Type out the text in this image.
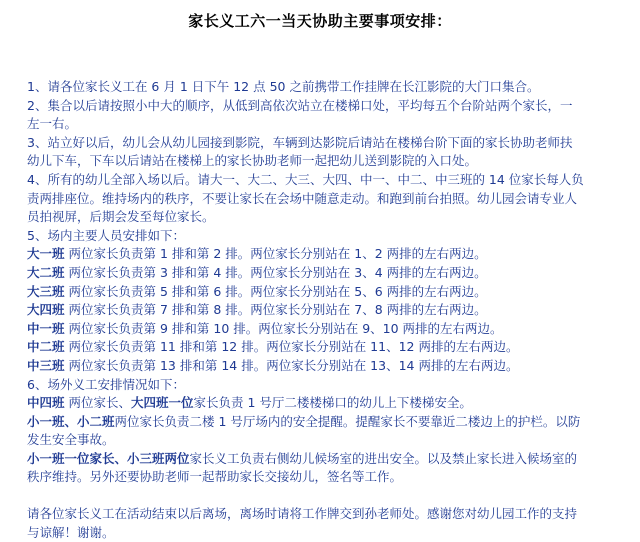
家长义工六一当天协助主要事项安排：
1、请各位家长义工在 6 月 1 日下午 12 点 50 之前携带工作挂牌在长江影院的大门口集合。
2、集合以后请按照小中大的顺序，从低到高依次站立在楼梯口处，平均每五个台阶站两个家长，一
左一右。
3、站立好以后，幼儿会从幼儿园接到影院，车辆到达影院后请站在楼梯台阶下面的家长协助老师扶
幼儿下车，下车以后请站在楼梯上的家长协助老师一起把幼儿送到影院的入口处。
4、所有的幼儿全部入场以后。请大一、大二、大三、大四、中一、中二、中三班的 14 位家长每人负
责两排座位。维持场内的秩序，不要让家长在会场中随意走动。和跑到前台拍照。幼儿园会请专业人
员拍视屏，后期会发至每位家长。
5、场内主要人员安排如下：
大一班 两位家长负责第 1 排和第 2 排。两位家长分别站在 1、2 两排的左右两边。
大二班 两位家长负责第 3 排和第 4 排。两位家长分别站在 3、4 两排的左右两边。
大三班 两位家长负责第 5 排和第 6 排。两位家长分别站在 5、6 两排的左右两边。
大四班 两位家长负责第 7 排和第 8 排。两位家长分别站在 7、8 两排的左右两边。
中一班 两位家长负责第 9 排和第 10 排。两位家长分别站在 9、10 两排的左右两边。
中二班 两位家长负责第 11 排和第 12 排。两位家长分别站在 11、12 两排的左右两边。
中三班 两位家长负责第 13 排和第 14 排。两位家长分别站在 13、14 两排的左右两边。
6、场外义工安排情况如下：
中四班 两位家长、大四班一位家长负责 1 号厅二楼楼梯口的幼儿上下楼梯安全。
小一班、小二班两位家长负责二楼 1 号厅场内的安全提醒。提醒家长不要靠近二楼边上的护栏。以防
发生安全事故。
小一班一位家长、小三班两位家长义工负责右侧幼儿候场室的进出安全。以及禁止家长进入候场室的
秩序维持。另外还要协助老师一起帮助家长交接幼儿，签名等工作。
请各位家长义工在活动结束以后离场，离场时请将工作牌交到孙老师处。感谢您对幼儿园工作的支持
与谅解！谢谢。
